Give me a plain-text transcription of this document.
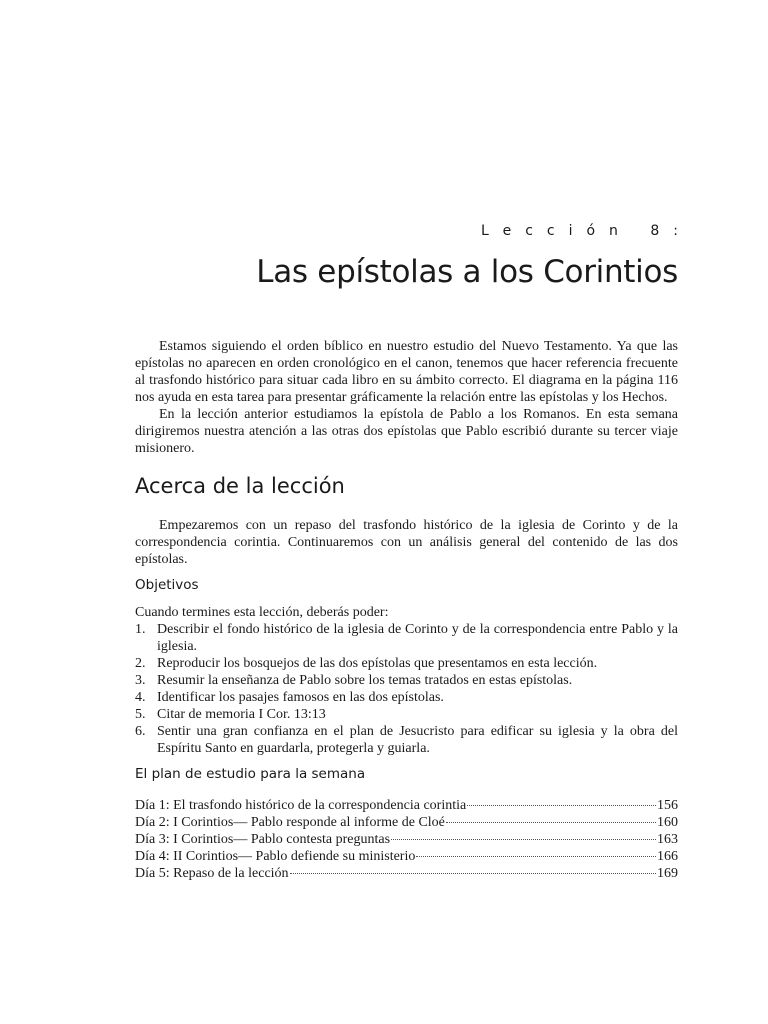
Lección 8:
Las epístolas a los Corintios

Estamos siguiendo el orden bíblico en nuestro estudio del Nuevo Testamento. Ya que las epístolas no aparecen en orden cronológico en el canon, tenemos que hacer referencia frecuente al trasfondo histórico para situar cada libro en su ámbito correcto. El diagrama en la página 116 nos ayuda en esta tarea para presentar gráficamente la relación entre las epístolas y los Hechos.

En la lección anterior estudiamos la epístola de Pablo a los Romanos. En esta semana dirigiremos nuestra atención a las otras dos epístolas que Pablo escribió durante su tercer viaje misionero.

Acerca de la lección

Empezaremos con un repaso del trasfondo histórico de la iglesia de Corinto y de la correspondencia corintia. Continuaremos con un análisis general del contenido de las dos epístolas.

Objetivos
Cuando termines esta lección, deberás poder:
1. Describir el fondo histórico de la iglesia de Corinto y de la correspondencia entre Pablo y la iglesia.
2. Reproducir los bosquejos de las dos epístolas que presentamos en esta lección.
3. Resumir la enseñanza de Pablo sobre los temas tratados en estas epístolas.
4. Identificar los pasajes famosos en las dos epístolas.
5. Citar de memoria I Cor. 13:13
6. Sentir una gran confianza en el plan de Jesucristo para edificar su iglesia y la obra del Espíritu Santo en guardarla, protegerla y guiarla.
El plan de estudio para la semana
Día 1: El trasfondo histórico de la correspondencia corintia	156
Día 2: I Corintios— Pablo responde al informe de Cloé	160
Día 3: I Corintios— Pablo contesta preguntas	163
Día 4: II Corintios— Pablo defiende su ministerio	166
Día 5: Repaso de la lección	169
